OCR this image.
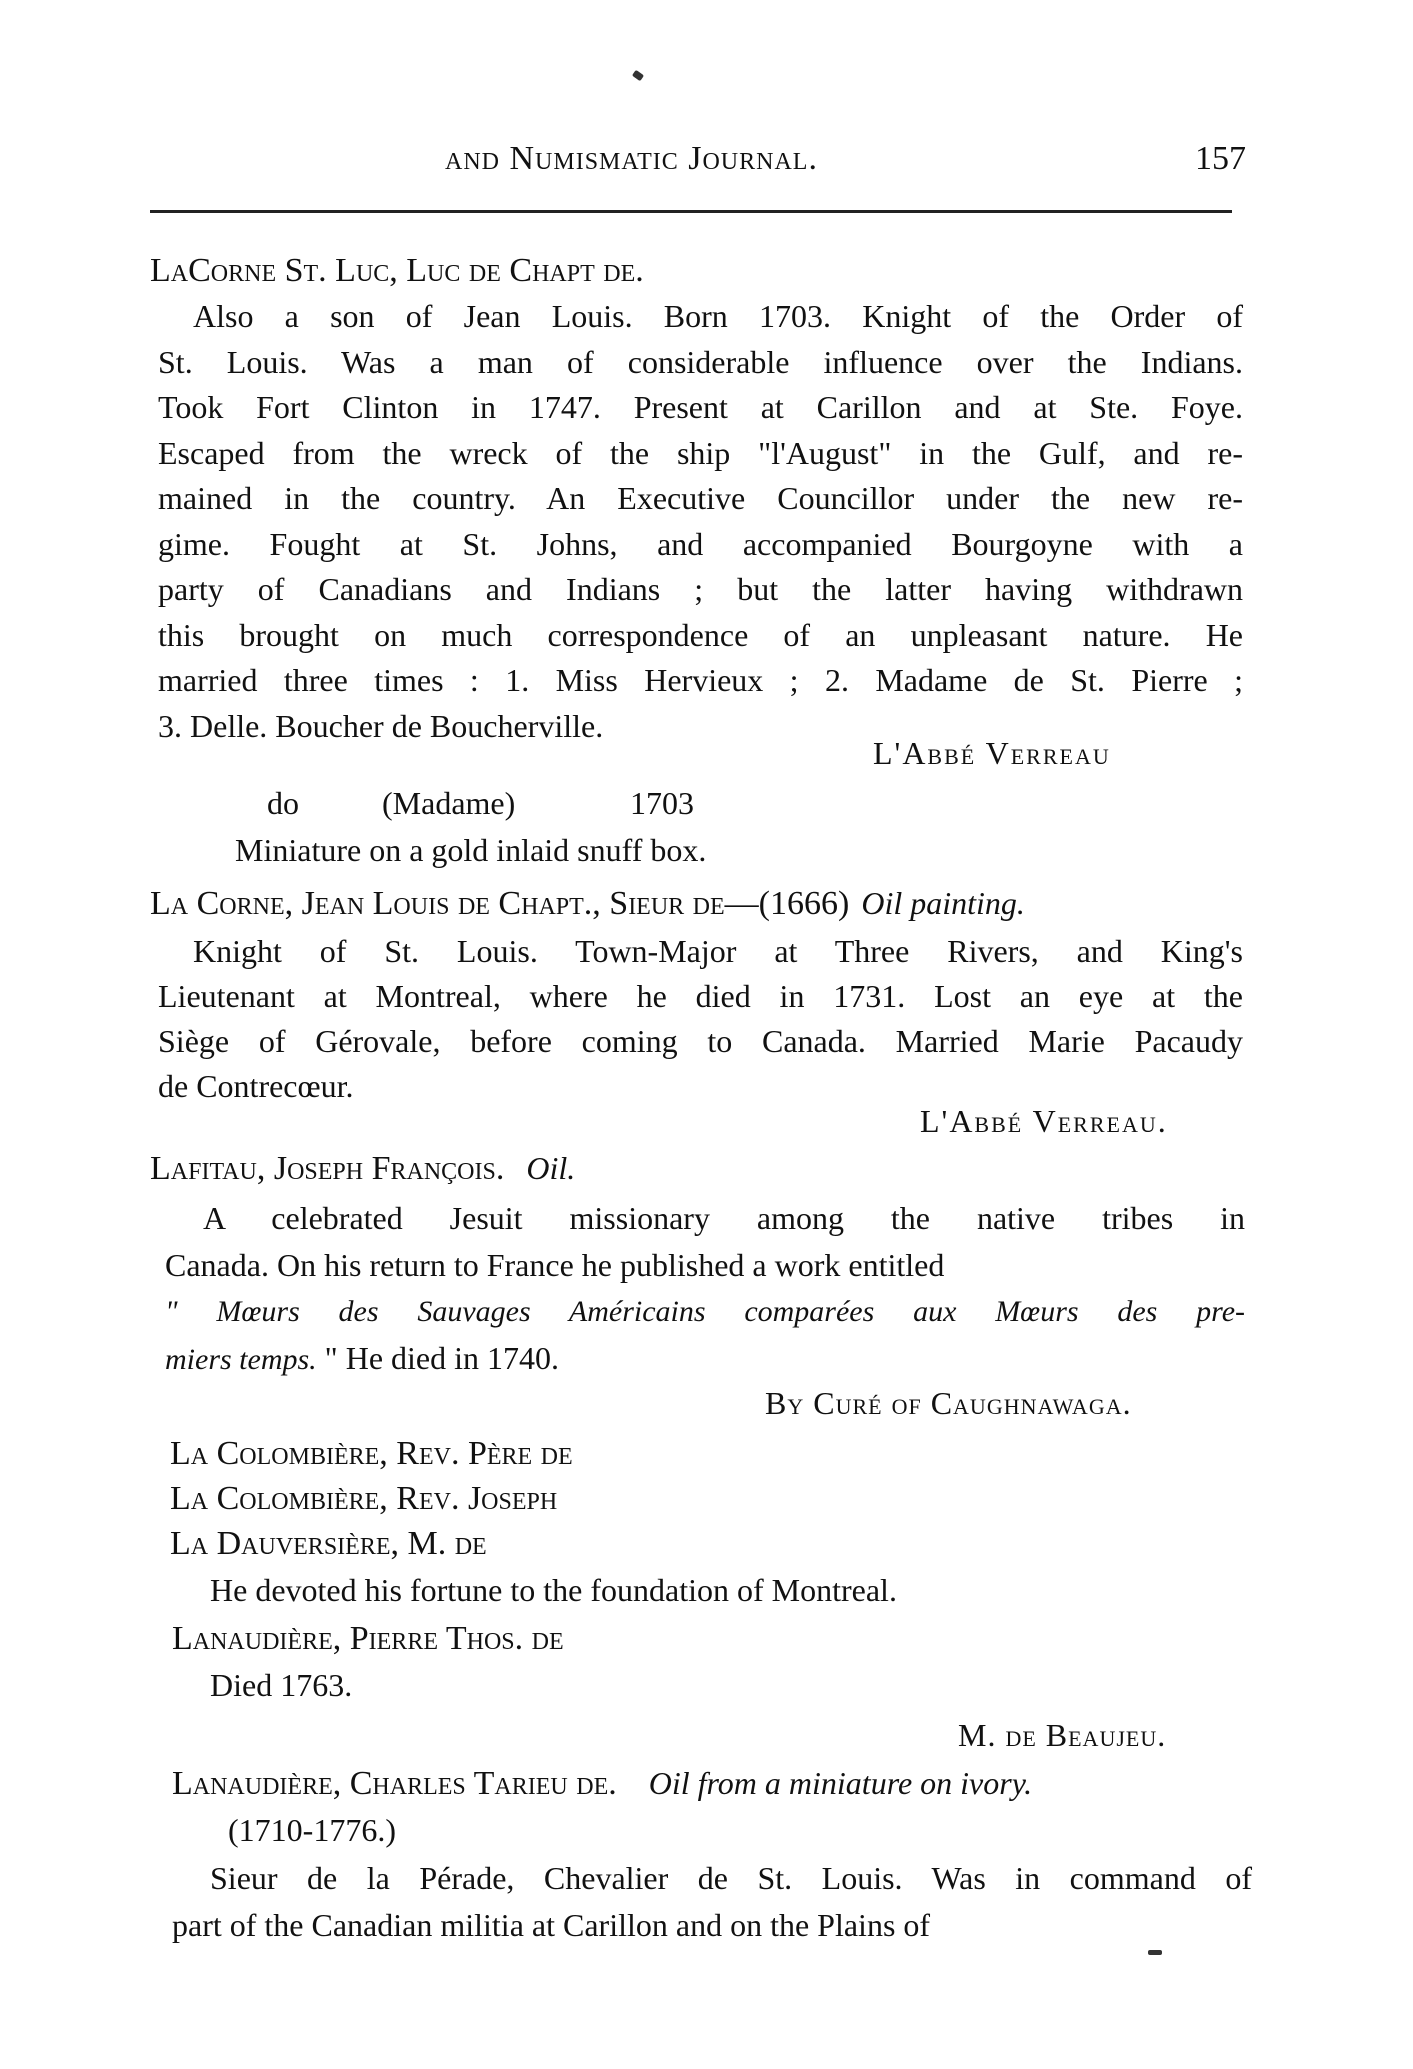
and Numismatic Journal.	157
LaCorne St. Luc, Luc de Chapt de.
Also a son of Jean Louis. Born 1703. Knight of the Order of
St. Louis. Was a man of considerable influence over the Indians.
Took Fort Clinton in 1747. Present at Carillon and at Ste. Foye.
Escaped from the wreck of the ship "l'August" in the Gulf, and re-
mained in the country. An Executive Councillor under the new re-
gime. Fought at St. Johns, and accompanied Bourgoyne with a
party of Canadians and Indians ; but the latter having withdrawn
this brought on much correspondence of an unpleasant nature. He
married three times : 1. Miss Hervieux ; 2. Madame de St. Pierre ;
3. Delle. Boucher de Boucherville.
L'Abbé Verreau
do	(Madame)	1703
Miniature on a gold inlaid snuff box.
La Corne, Jean Louis de Chapt., Sieur de—(1666) Oil painting.
Knight of St. Louis. Town-Major at Three Rivers, and King's
Lieutenant at Montreal, where he died in 1731. Lost an eye at the
Siège of Gérovale, before coming to Canada. Married Marie Pacaudy
de Contrecœur.
L'Abbé Verreau.
Lafitau, Joseph François. Oil.
A celebrated Jesuit missionary among the native tribes in
Canada. On his return to France he published a work entitled
" Mœurs des Sauvages Américains comparées aux Mœurs des pre-
miers temps. " He died in 1740.
By Curé of Caughnawaga.
La Colombière, Rev. Père de
La Colombière, Rev. Joseph
La Dauversière, M. de
He devoted his fortune to the foundation of Montreal.
Lanaudière, Pierre Thos. de
Died 1763.
M. de Beaujeu.
Lanaudière, Charles Tarieu de. Oil from a miniature on ivory.
(1710-1776.)
Sieur de la Pérade, Chevalier de St. Louis. Was in command of
part of the Canadian militia at Carillon and on the Plains of
